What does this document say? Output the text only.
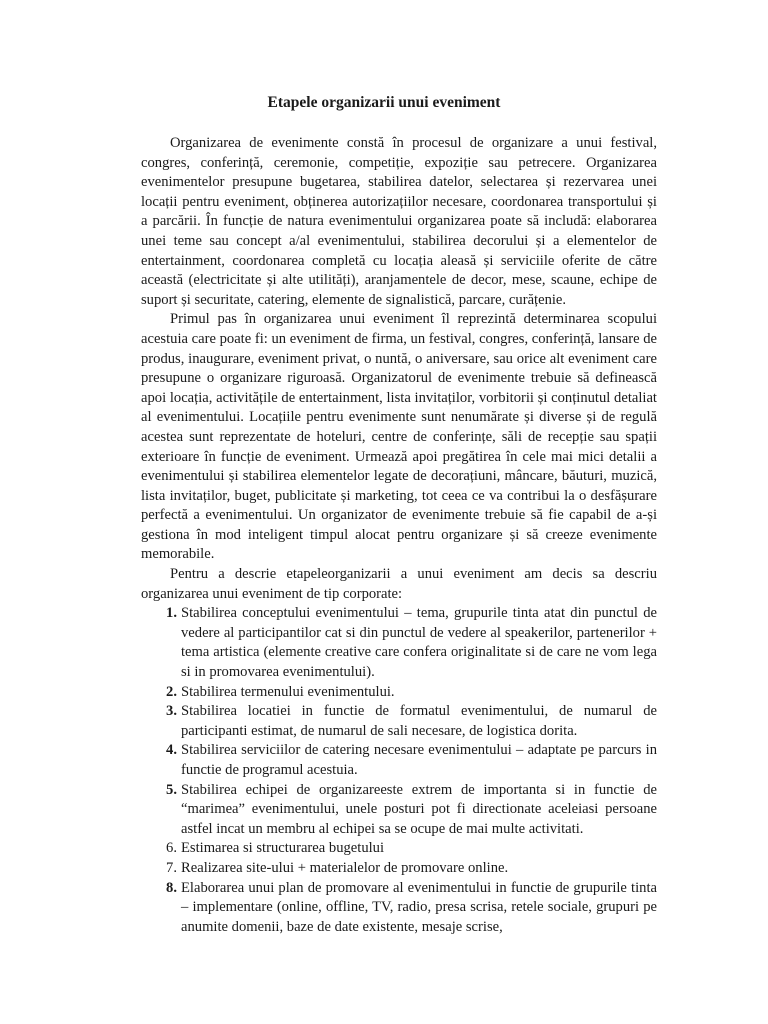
Etapele organizarii unui eveniment

Organizarea de evenimente constă în procesul de organizare a unui festival, congres, conferință, ceremonie, competiție, expoziție sau petrecere. Organizarea evenimentelor presupune bugetarea, stabilirea datelor, selectarea și rezervarea unei locații pentru eveniment, obținerea autorizațiilor necesare, coordonarea transportului și a parcării. În funcție de natura evenimentului organizarea poate să includă: elaborarea unei teme sau concept a/al evenimentului, stabilirea decorului și a elementelor de entertainment, coordonarea completă cu locația aleasă și serviciile oferite de către această (electricitate și alte utilități), aranjamentele de decor, mese, scaune, echipe de suport și securitate, catering, elemente de signalistică, parcare, curățenie.

Primul pas în organizarea unui eveniment îl reprezintă determinarea scopului acestuia care poate fi: un eveniment de firma, un festival, congres, conferință, lansare de produs, inaugurare, eveniment privat, o nuntă, o aniversare, sau orice alt eveniment care presupune o organizare riguroasă. Organizatorul de evenimente trebuie să definească apoi locația, activitățile de entertainment, lista invitaților, vorbitorii și conținutul detaliat al evenimentului. Locațiile pentru evenimente sunt nenumărate și diverse și de regulă acestea sunt reprezentate de hoteluri, centre de conferințe, săli de recepție sau spații exterioare în funcție de eveniment. Urmează apoi pregătirea în cele mai mici detalii a evenimentului și stabilirea elementelor legate de decorațiuni, mâncare, băuturi, muzică, lista invitaților, buget, publicitate și marketing, tot ceea ce va contribui la o desfășurare perfectă a evenimentului. Un organizator de evenimente trebuie să fie capabil de a-și gestiona în mod inteligent timpul alocat pentru organizare și să creeze evenimente memorabile.

Pentru a descrie etapeleorganizarii a unui eveniment am decis sa descriu organizarea unui eveniment de tip corporate:

1. Stabilirea conceptului evenimentului – tema, grupurile tinta atat din punctul de vedere al participantilor cat si din punctul de vedere al speakerilor, partenerilor + tema artistica (elemente creative care confera originalitate si de care ne vom lega si in promovarea evenimentului).
2. Stabilirea termenului evenimentului.
3. Stabilirea locatiei in functie de formatul evenimentului, de numarul de participanti estimat, de numarul de sali necesare, de logistica dorita.
4. Stabilirea serviciilor de catering necesare evenimentului – adaptate pe parcurs in functie de programul acestuia.
5. Stabilirea echipei de organizareeste extrem de importanta si in functie de “marimea” evenimentului, unele posturi pot fi directionate aceleiasi persoane astfel incat un membru al echipei sa se ocupe de mai multe activitati.
6. Estimarea si structurarea bugetului
7. Realizarea site-ului + materialelor de promovare online.
8. Elaborarea unui plan de promovare al evenimentului in functie de grupurile tinta – implementare (online, offline, TV, radio, presa scrisa, retele sociale, grupuri pe anumite domenii, baze de date existente, mesaje scrise,
